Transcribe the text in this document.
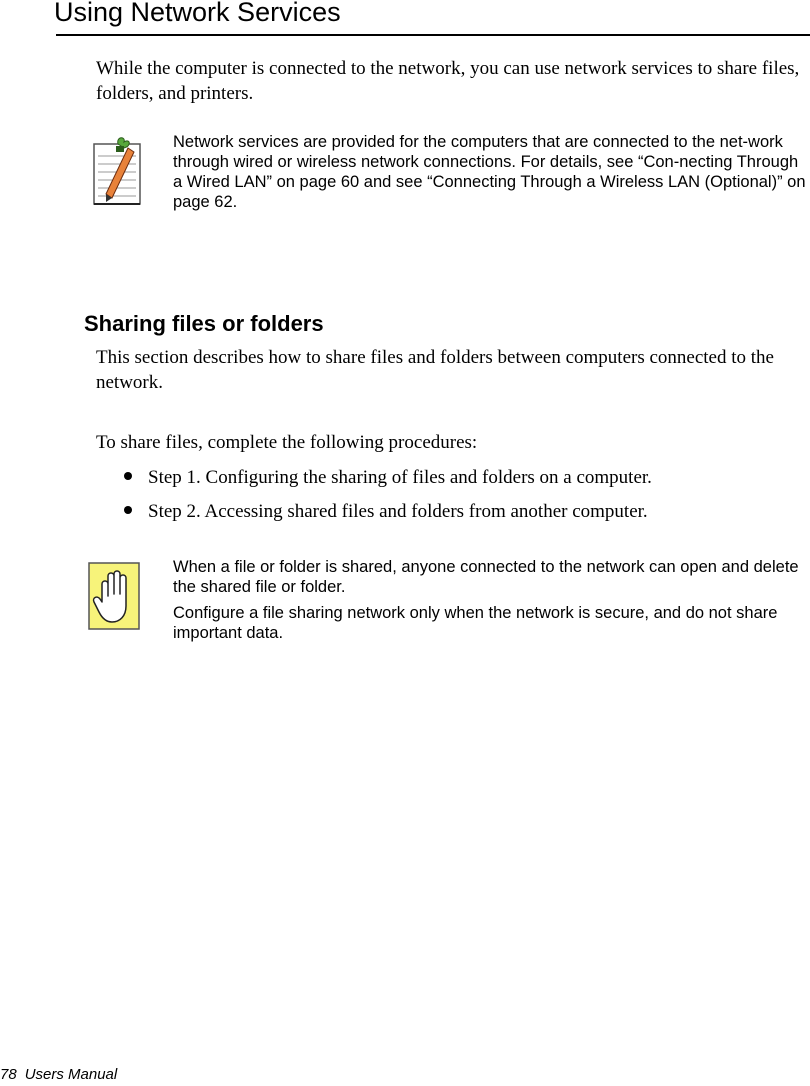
Using Network Services
While the computer is connected to the network, you can use network services to share files, folders, and printers.
Network services are provided for the computers that are connected to the net-work through wired or wireless network connections. For details, see “Con-necting Through a Wired LAN” on page 60 and see “Connecting Through a Wireless LAN (Optional)” on page 62.
Sharing files or folders
This section describes how to share files and folders between computers connected to the network.
To share files, complete the following procedures:
Step 1. Configuring the sharing of files and folders on a computer.
Step 2. Accessing shared files and folders from another computer.

When a file or folder is shared, anyone connected to the network can open and delete the shared file or folder.

Configure a file sharing network only when the network is secure, and do not share important data.

78 Users Manual
